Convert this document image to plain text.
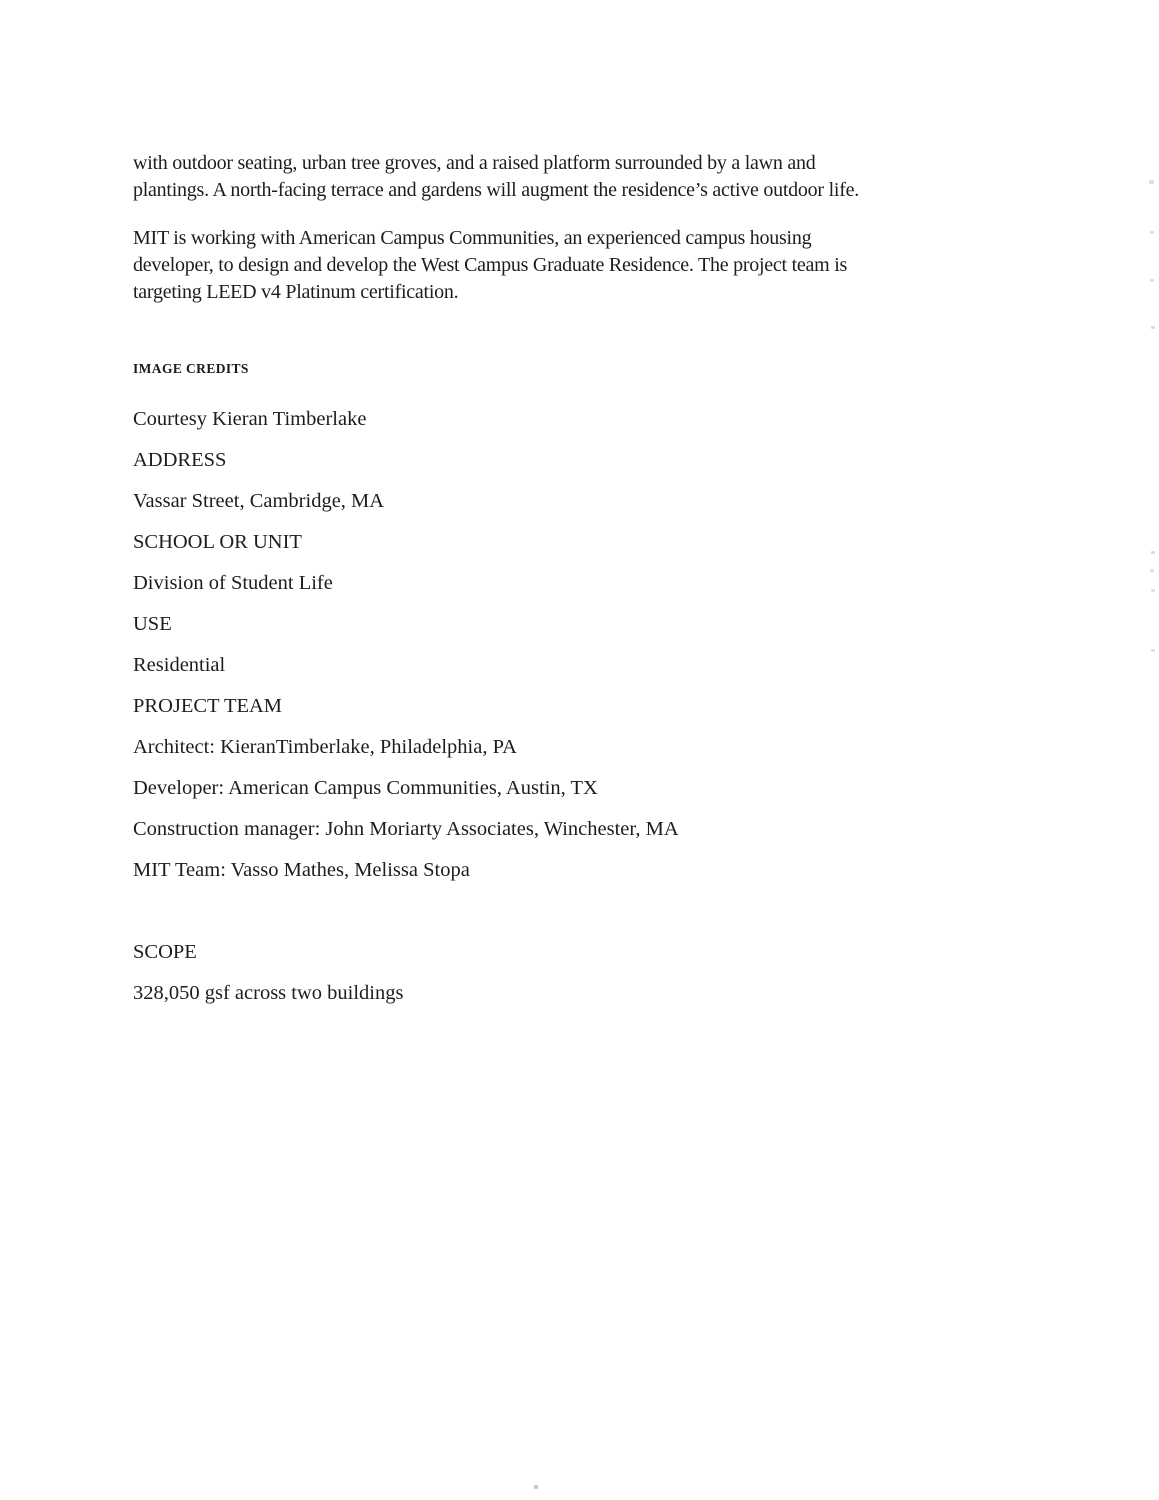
with outdoor seating, urban tree groves, and a raised platform surrounded by a lawn and
plantings. A north-facing terrace and gardens will augment the residence’s active outdoor life.
MIT is working with American Campus Communities, an experienced campus housing
developer, to design and develop the West Campus Graduate Residence. The project team is
targeting LEED v4 Platinum certification.
IMAGE CREDITS
Courtesy Kieran Timberlake
ADDRESS
Vassar Street, Cambridge, MA
SCHOOL OR UNIT
Division of Student Life
USE
Residential
PROJECT TEAM
Architect: KieranTimberlake, Philadelphia, PA
Developer: American Campus Communities, Austin, TX
Construction manager: John Moriarty Associates, Winchester, MA
MIT Team: Vasso Mathes, Melissa Stopa
SCOPE
328,050 gsf across two buildings
